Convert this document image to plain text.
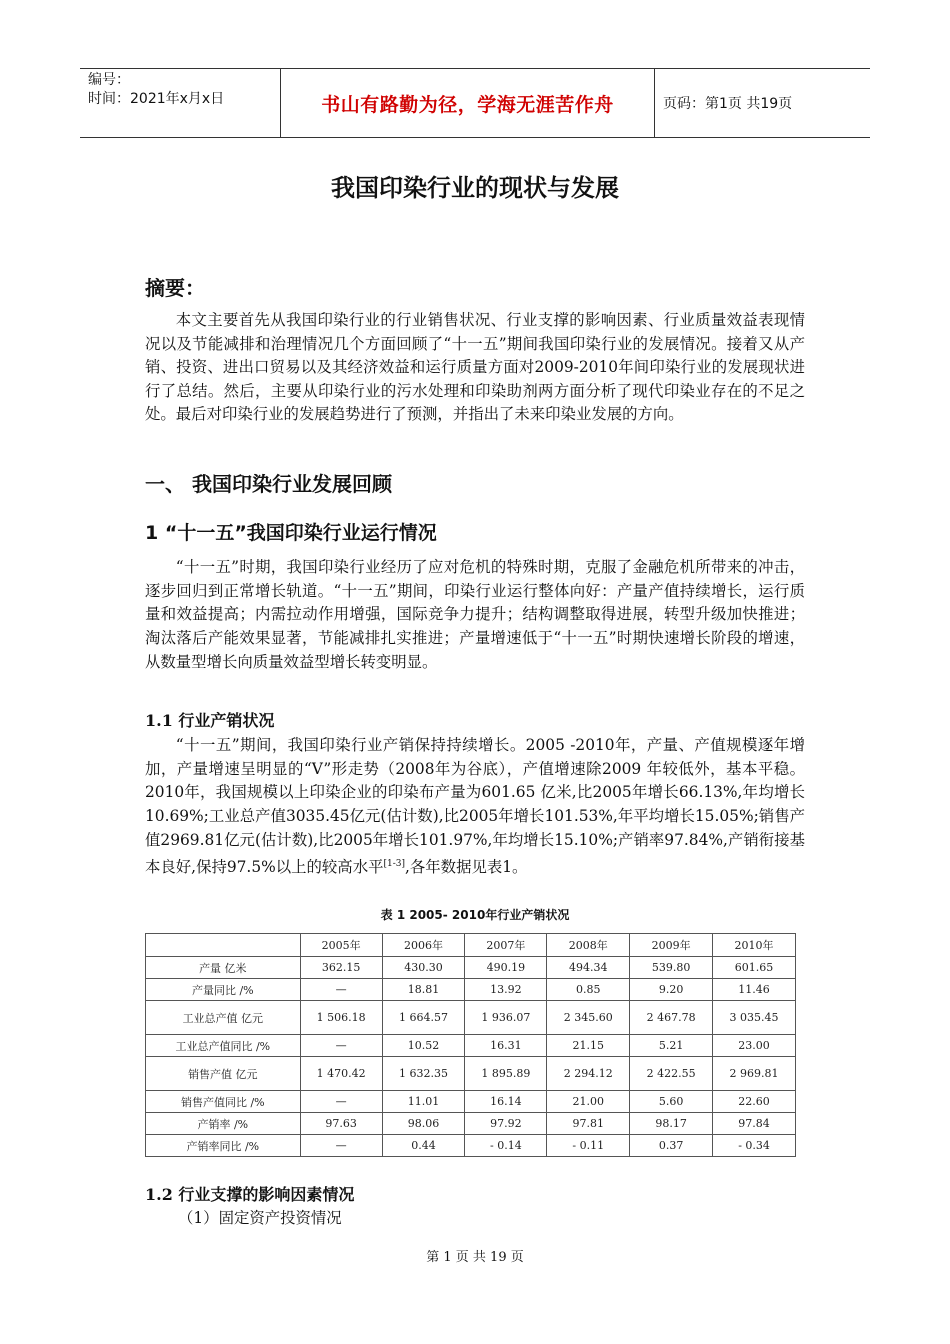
编号：
时间：2021年x月x日	书山有路勤为径，学海无涯苦作舟	页码：第1页 共19页
我国印染行业的现状与发展
摘要：

本文主要首先从我国印染行业的行业销售状况、行业支撑的影响因素、行业质量效益表现情况以及节能减排和治理情况几个方面回顾了“十一五”期间我国印染行业的发展情况。接着又从产销、投资、进出口贸易以及其经济效益和运行质量方面对2009-2010年间印染行业的发展现状进行了总结。然后，主要从印染行业的污水处理和印染助剂两方面分析了现代印染业存在的不足之处。最后对印染行业的发展趋势进行了预测，并指出了未来印染业发展的方向。

一、 我国印染行业发展回顾
1 “十一五”我国印染行业运行情况

“十一五”时期，我国印染行业经历了应对危机的特殊时期，克服了金融危机所带来的冲击，逐步回归到正常增长轨道。“十一五”期间，印染行业运行整体向好：产量产值持续增长，运行质量和效益提高；内需拉动作用增强，国际竞争力提升；结构调整取得进展，转型升级加快推进；淘汰落后产能效果显著，节能减排扎实推进；产量增速低于“十一五”时期快速增长阶段的增速，从数量型增长向质量效益型增长转变明显。

1.1 行业产销状况

“十一五”期间，我国印染行业产销保持持续增长。2005 -2010年，产量、产值规模逐年增加，产量增速呈明显的“V”形走势（2008年为谷底），产值增速除2009 年较低外，基本平稳。2010年，我国规模以上印染企业的印染布产量为601.65 亿米,比2005年增长66.13%,年均增长10.69%;工业总产值3035.45亿元(估计数),比2005年增长101.53%,年平均增长15.05%;销售产值2969.81亿元(估计数),比2005年增长101.97%,年均增长15.10%;产销率97.84%,产销衔接基本良好,保持97.5%以上的较高水平[1-3],各年数据见表1。

表 1 2005- 2010年行业产销状况
	2005年	2006年	2007年	2008年	2009年	2010年
产量 亿米	362.15	430.30	490.19	494.34	539.80	601.65
产量同比 /%	—	18.81	13.92	0.85	9.20	11.46
工业总产值 亿元	1 506.18	1 664.57	1 936.07	2 345.60	2 467.78	3 035.45
工业总产值同比 /%	—	10.52	16.31	21.15	5.21	23.00
销售产值 亿元	1 470.42	1 632.35	1 895.89	2 294.12	2 422.55	2 969.81
销售产值同比 /%	—	11.01	16.14	21.00	5.60	22.60
产销率 /%	97.63	98.06	97.92	97.81	98.17	97.84
产销率同比 /%	—	0.44	- 0.14	- 0.11	0.37	- 0.34
1.2 行业支撑的影响因素情况
（1）固定资产投资情况
第 1 页 共 19 页
